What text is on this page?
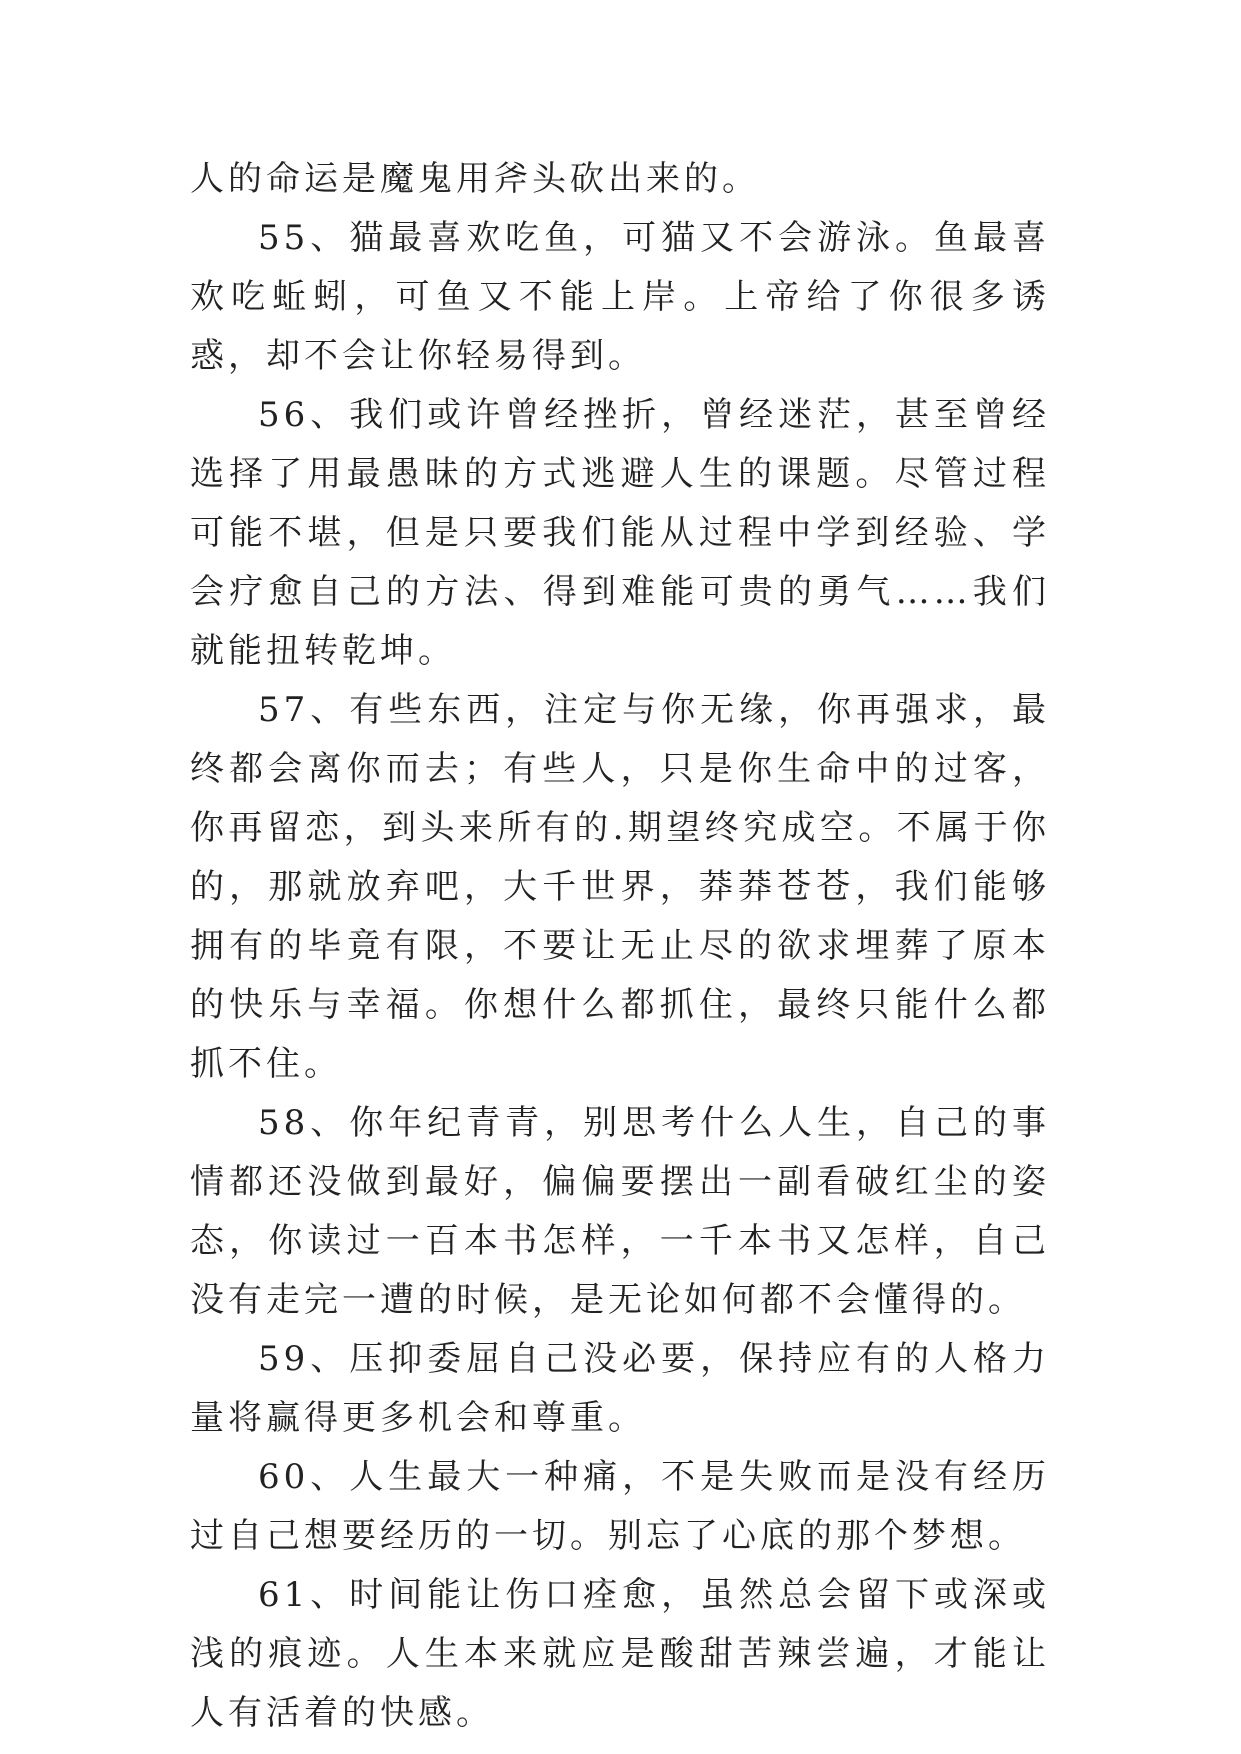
人的命运是魔鬼用斧头砍出来的。

55、猫最喜欢吃鱼，可猫又不会游泳。鱼最喜欢吃蚯蚓，可鱼又不能上岸。上帝给了你很多诱惑，却不会让你轻易得到。

56、我们或许曾经挫折，曾经迷茫，甚至曾经选择了用最愚昧的方式逃避人生的课题。尽管过程可能不堪，但是只要我们能从过程中学到经验、学会疗愈自己的方法、得到难能可贵的勇气……我们就能扭转乾坤。

57、有些东西，注定与你无缘，你再强求，最终都会离你而去；有些人，只是你生命中的过客，你再留恋，到头来所有的.期望终究成空。不属于你的，那就放弃吧，大千世界，莽莽苍苍，我们能够拥有的毕竟有限，不要让无止尽的欲求埋葬了原本的快乐与幸福。你想什么都抓住，最终只能什么都抓不住。

58、你年纪青青，别思考什么人生，自己的事情都还没做到最好，偏偏要摆出一副看破红尘的姿态，你读过一百本书怎样，一千本书又怎样，自己没有走完一遭的时候，是无论如何都不会懂得的。

59、压抑委屈自己没必要，保持应有的人格力量将赢得更多机会和尊重。

60、人生最大一种痛，不是失败而是没有经历过自己想要经历的一切。别忘了心底的那个梦想。

61、时间能让伤口痊愈，虽然总会留下或深或浅的痕迹。人生本来就应是酸甜苦辣尝遍，才能让人有活着的快感。
